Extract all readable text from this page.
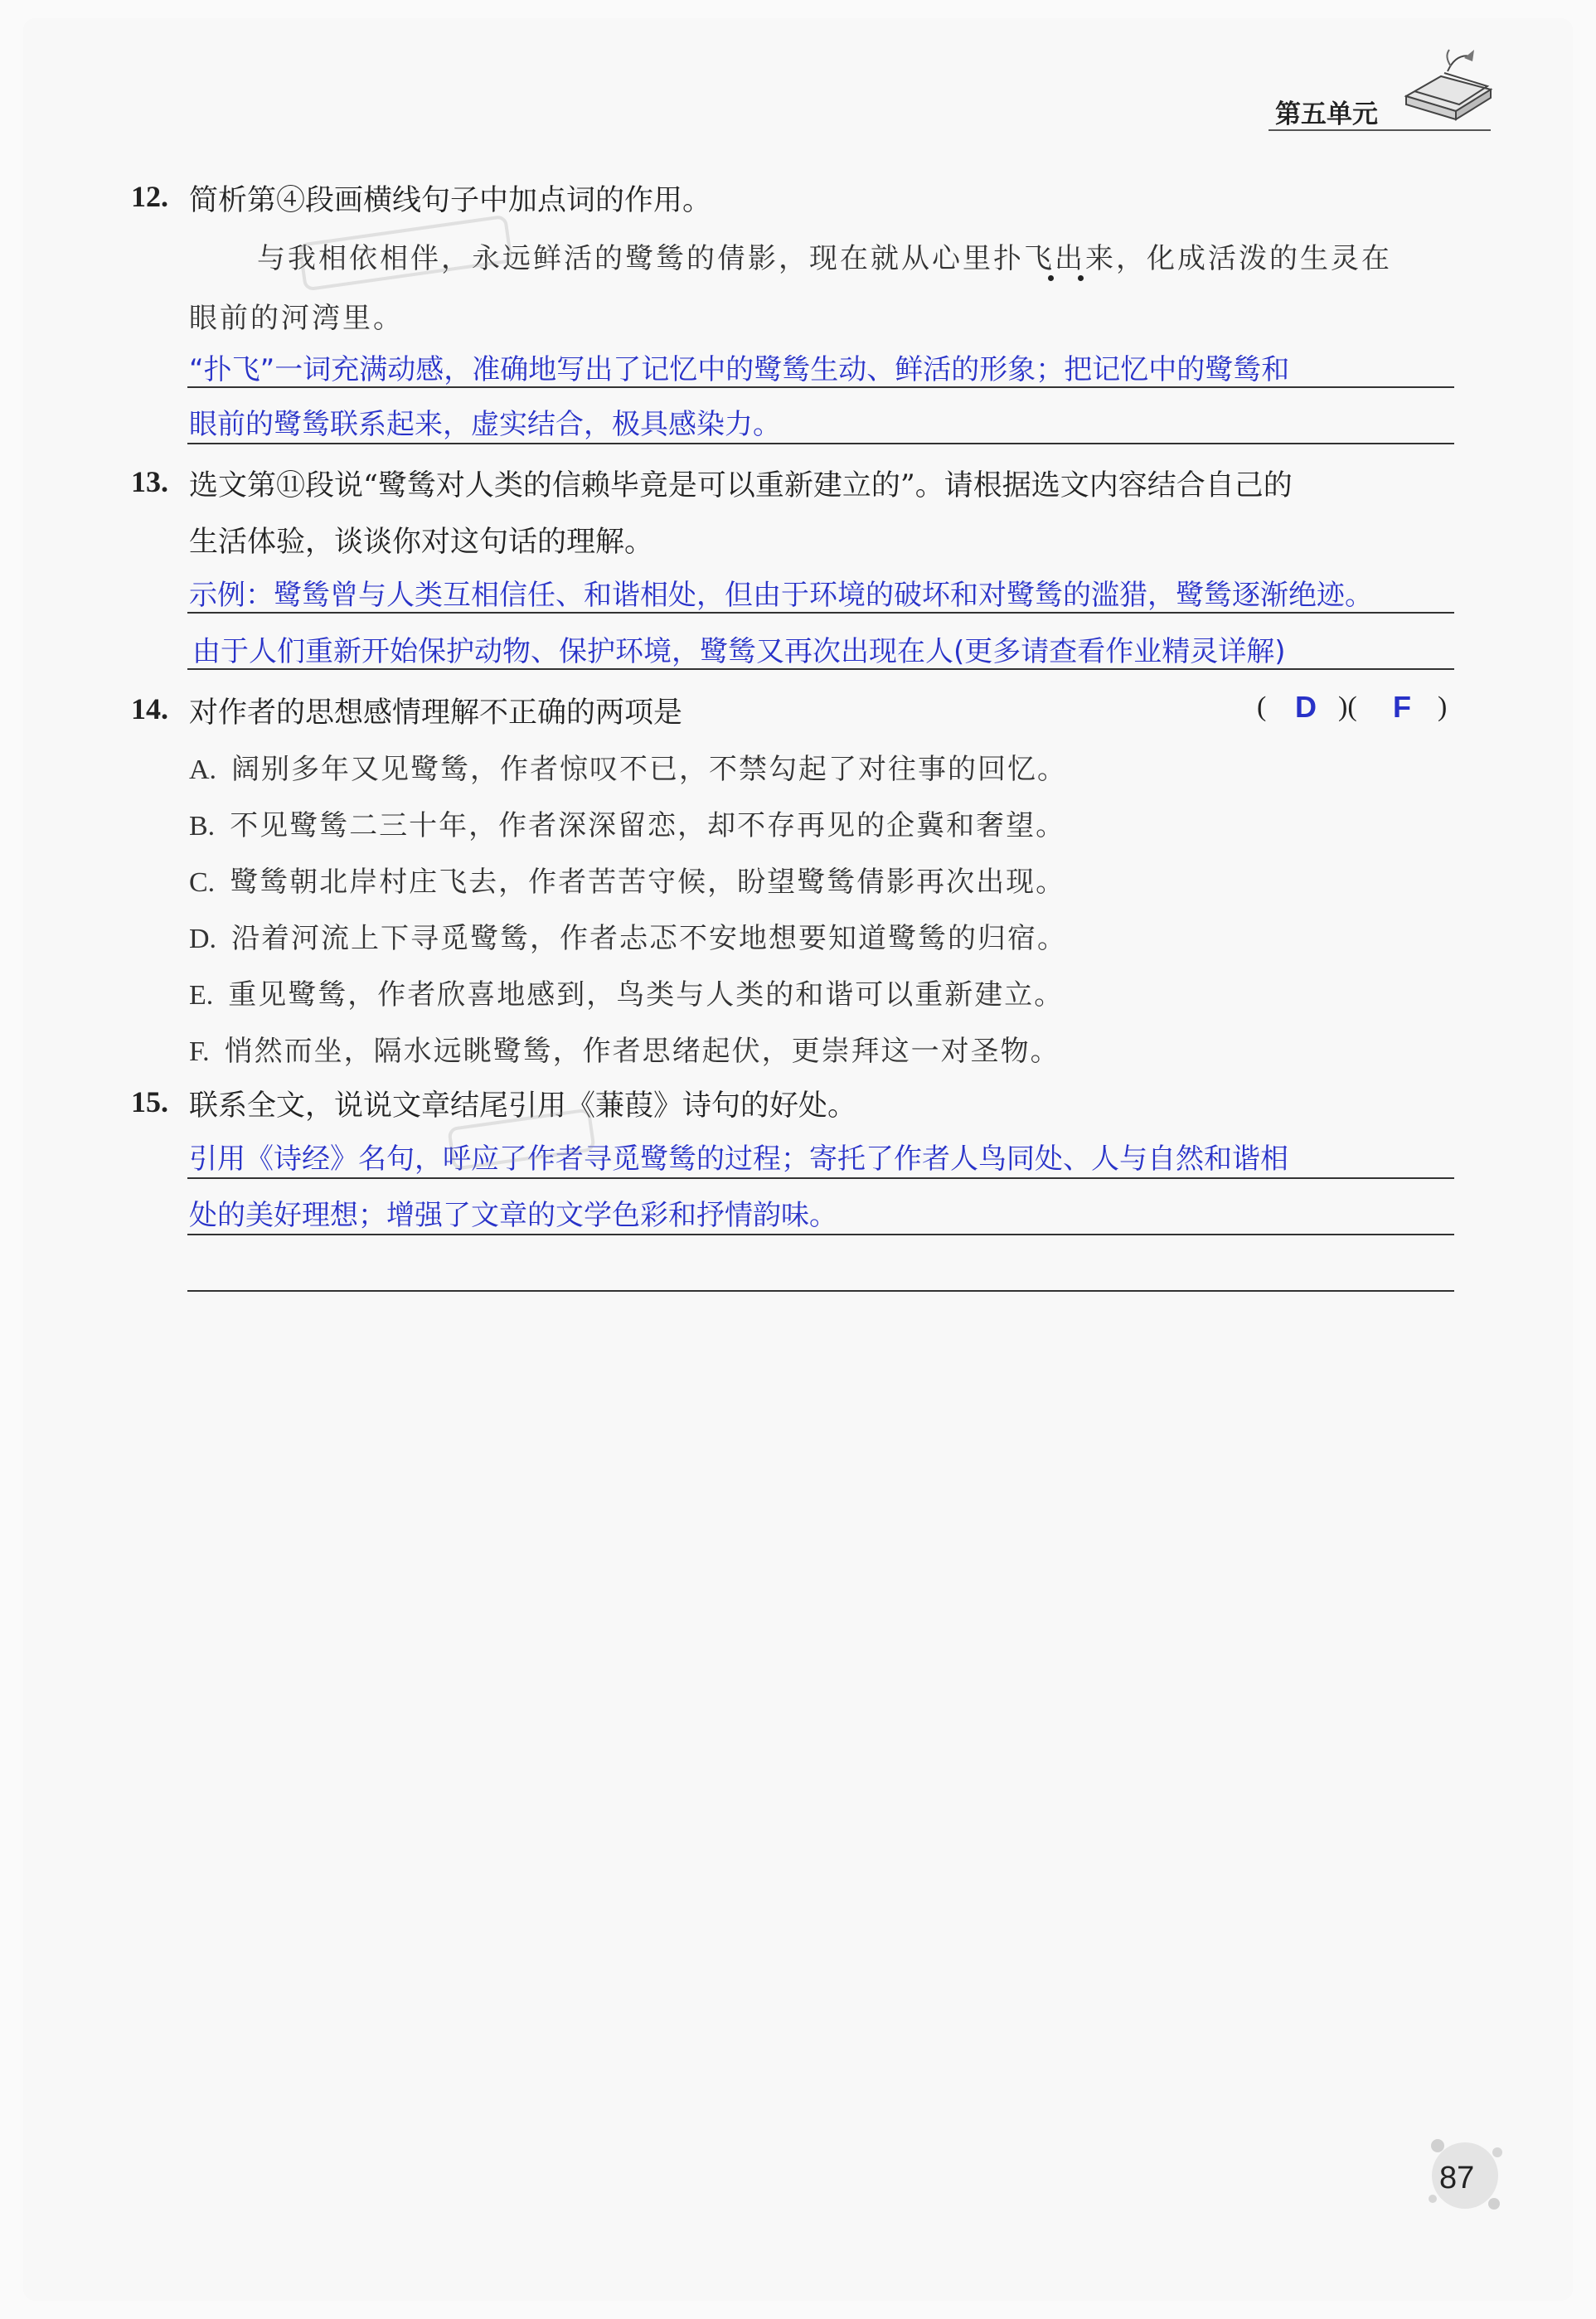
第五单元
12. 简析第④段画横线句子中加点词的作用。
与我相依相伴，永远鲜活的鹭鸶的倩影，现在就从心里扑飞出来，化成活泼的生灵在
眼前的河湾里。
“扑飞”一词充满动感，准确地写出了记忆中的鹭鸶生动、鲜活的形象；把记忆中的鹭鸶和
眼前的鹭鸶联系起来，虚实结合，极具感染力。
13. 选文第⑪段说“鹭鸶对人类的信赖毕竟是可以重新建立的”。请根据选文内容结合自己的
生活体验，谈谈你对这句话的理解。
示例：鹭鸶曾与人类互相信任、和谐相处，但由于环境的破坏和对鹭鸶的滥猎，鹭鸶逐渐绝迹。
由于人们重新开始保护动物、保护环境，鹭鸶又再次出现在人(更多请查看作业精灵详解)
14. 对作者的思想感情理解不正确的两项是	( D )( F )
A. 阔别多年又见鹭鸶，作者惊叹不已，不禁勾起了对往事的回忆。
B. 不见鹭鸶二三十年，作者深深留恋，却不存再见的企冀和奢望。
C. 鹭鸶朝北岸村庄飞去，作者苦苦守候，盼望鹭鸶倩影再次出现。
D. 沿着河流上下寻觅鹭鸶，作者忐忑不安地想要知道鹭鸶的归宿。
E. 重见鹭鸶，作者欣喜地感到，鸟类与人类的和谐可以重新建立。
F. 悄然而坐，隔水远眺鹭鸶，作者思绪起伏，更崇拜这一对圣物。
15. 联系全文，说说文章结尾引用《蒹葭》诗句的好处。
引用《诗经》名句，呼应了作者寻觅鹭鸶的过程；寄托了作者人鸟同处、人与自然和谐相
处的美好理想；增强了文章的文学色彩和抒情韵味。
87
